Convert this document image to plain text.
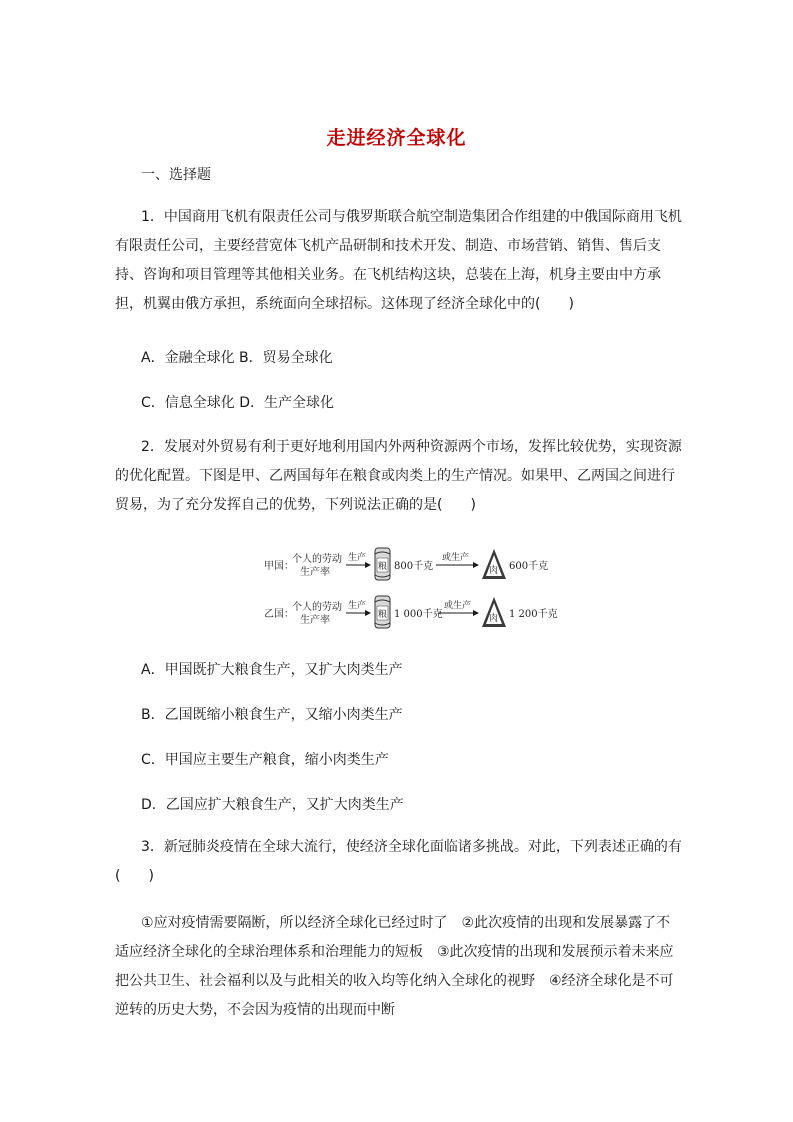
走进经济全球化
一、选择题

1．中国商用飞机有限责任公司与俄罗斯联合航空制造集团合作组建的中俄国际商用飞机有限责任公司，主要经营宽体飞机产品研制和技术开发、制造、市场营销、销售、售后支持、咨询和项目管理等其他相关业务。在飞机结构这块，总装在上海，机身主要由中方承担，机翼由俄方承担，系统面向全球招标。这体现了经济全球化中的(　　)

A．金融全球化 B．贸易全球化
C．信息全球化 D．生产全球化

2．发展对外贸易有利于更好地利用国内外两种资源两个市场，发挥比较优势，实现资源的优化配置。下图是甲、乙两国每年在粮食或肉类上的生产情况。如果甲、乙两国之间进行贸易，为了充分发挥自己的优势，下列说法正确的是(　　)

甲国：
个人的劳动
生产率
生产
粮 800千克
或生产
肉 600千克
乙国：
个人的劳动
生产率
生产
粮 1 000千克
或生产
肉 1 200千克
A．甲国既扩大粮食生产，又扩大肉类生产
B．乙国既缩小粮食生产，又缩小肉类生产
C．甲国应主要生产粮食，缩小肉类生产
D．乙国应扩大粮食生产，又扩大肉类生产

3．新冠肺炎疫情在全球大流行，使经济全球化面临诸多挑战。对此，下列表述正确的有(　　)

①应对疫情需要隔断，所以经济全球化已经过时了　②此次疫情的出现和发展暴露了不适应经济全球化的全球治理体系和治理能力的短板　③此次疫情的出现和发展预示着未来应把公共卫生、社会福利以及与此相关的收入均等化纳入全球化的视野　④经济全球化是不可逆转的历史大势，不会因为疫情的出现而中断
